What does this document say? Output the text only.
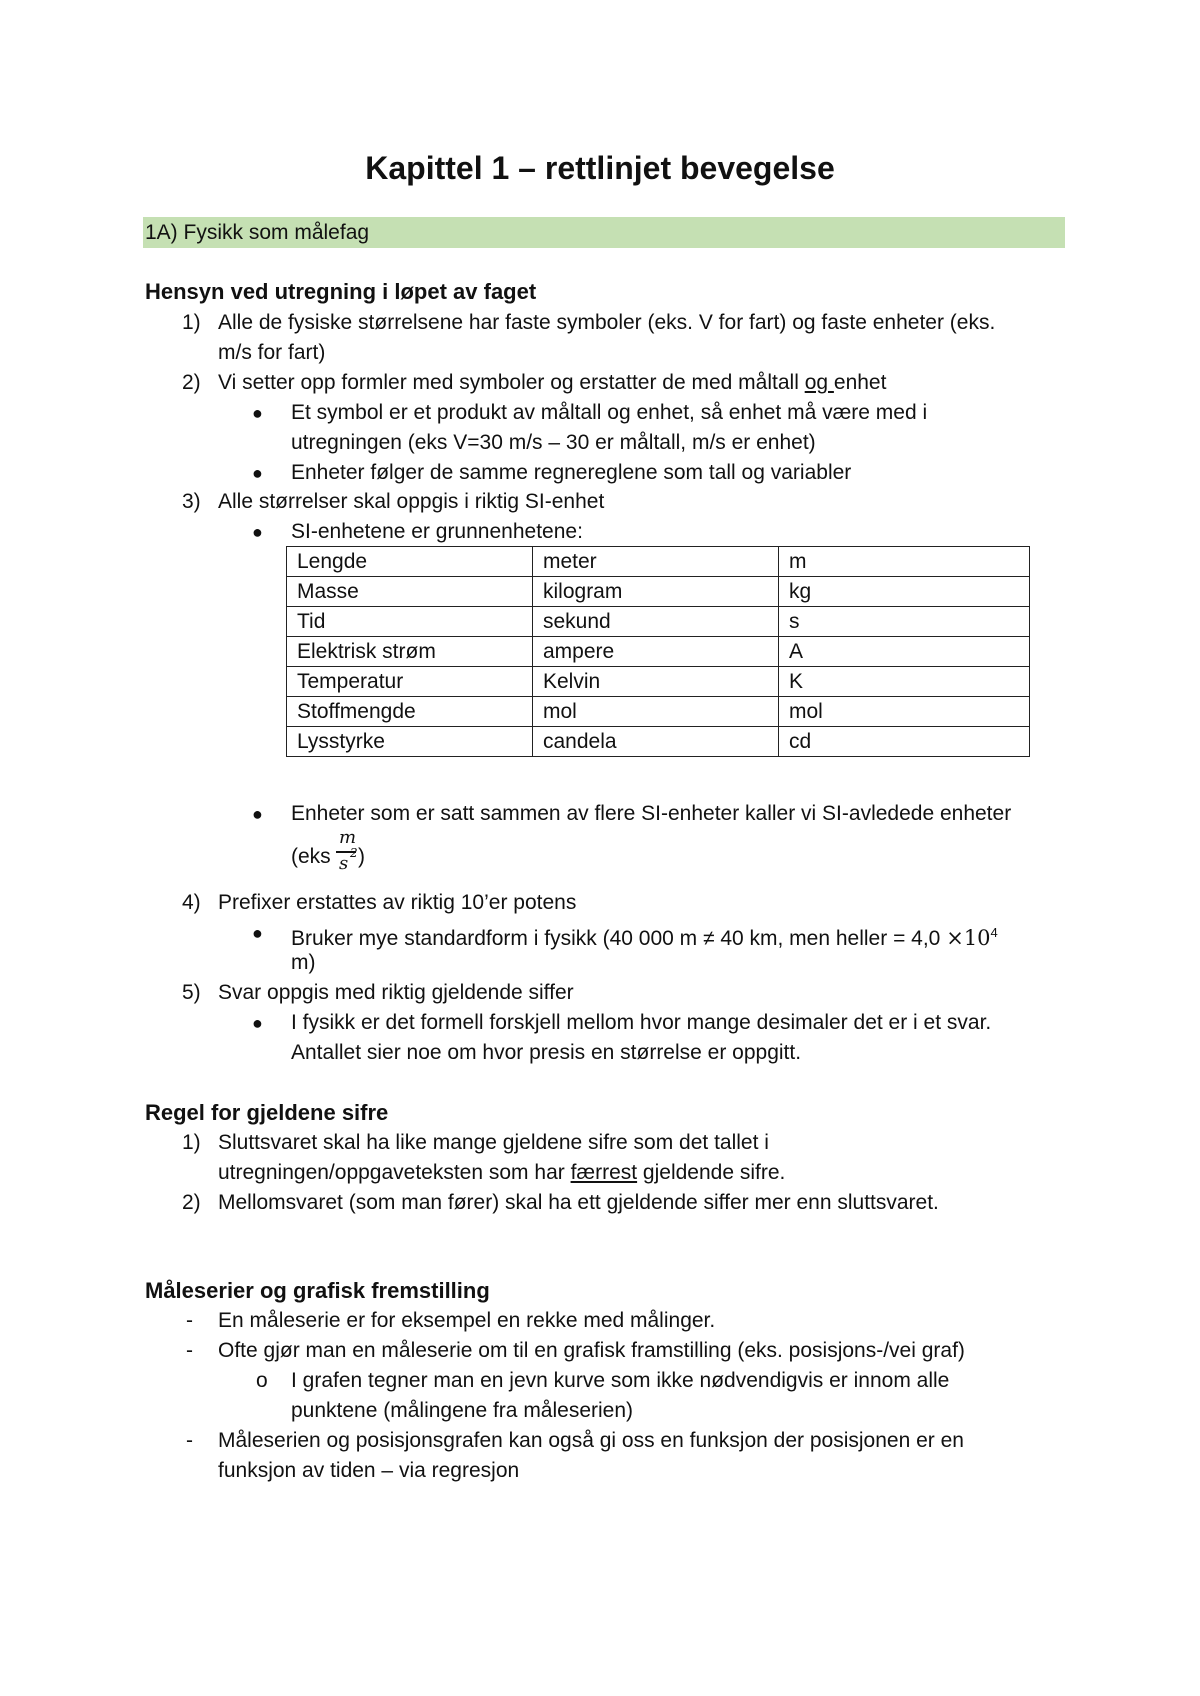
Kapittel 1 – rettlinjet bevegelse
1A) Fysikk som målefag
Hensyn ved utregning i løpet av faget
1) Alle de fysiske størrelsene har faste symboler (eks. V for fart) og faste enheter (eks.
m/s for fart)
2) Vi setter opp formler med symboler og erstatter de med måltall og enhet
● Et symbol er et produkt av måltall og enhet, så enhet må være med i
utregningen (eks V=30 m/s – 30 er måltall, m/s er enhet)
● Enheter følger de samme regnereglene som tall og variabler
3) Alle størrelser skal oppgis i riktig SI-enhet
● SI-enhetene er grunnenhetene:
Lengde	meter	m
Masse	kilogram	kg
Tid	sekund	s
Elektrisk strøm	ampere	A
Temperatur	Kelvin	K
Stoffmengde	mol	mol
Lysstyrke	candela	cd
● Enheter som er satt sammen av flere SI-enheter kaller vi SI-avledede enheter
(eks
m
s 2 )
4) Prefixer erstattes av riktig 10’er potens
● Bruker mye standardform i fysikk (40 000 m ≠ 40 km, men heller = $4,0 \times 10^4$
m)
5) Svar oppgis med riktig gjeldende siffer
● I fysikk er det formell forskjell mellom hvor mange desimaler det er i et svar.
Antallet sier noe om hvor presis en størrelse er oppgitt.
Regel for gjeldene sifre
1) Sluttsvaret skal ha like mange gjeldene sifre som det tallet i
utregningen/oppgaveteksten som har færrest gjeldende sifre.
2) Mellomsvaret (som man fører) skal ha ett gjeldende siffer mer enn sluttsvaret.
Måleserier og grafisk fremstilling
- En måleserie er for eksempel en rekke med målinger.
- Ofte gjør man en måleserie om til en grafisk framstilling (eks. posisjons-/vei graf)
o I grafen tegner man en jevn kurve som ikke nødvendigvis er innom alle
punktene (målingene fra måleserien)
- Måleserien og posisjonsgrafen kan også gi oss en funksjon der posisjonen er en
funksjon av tiden – via regresjon
